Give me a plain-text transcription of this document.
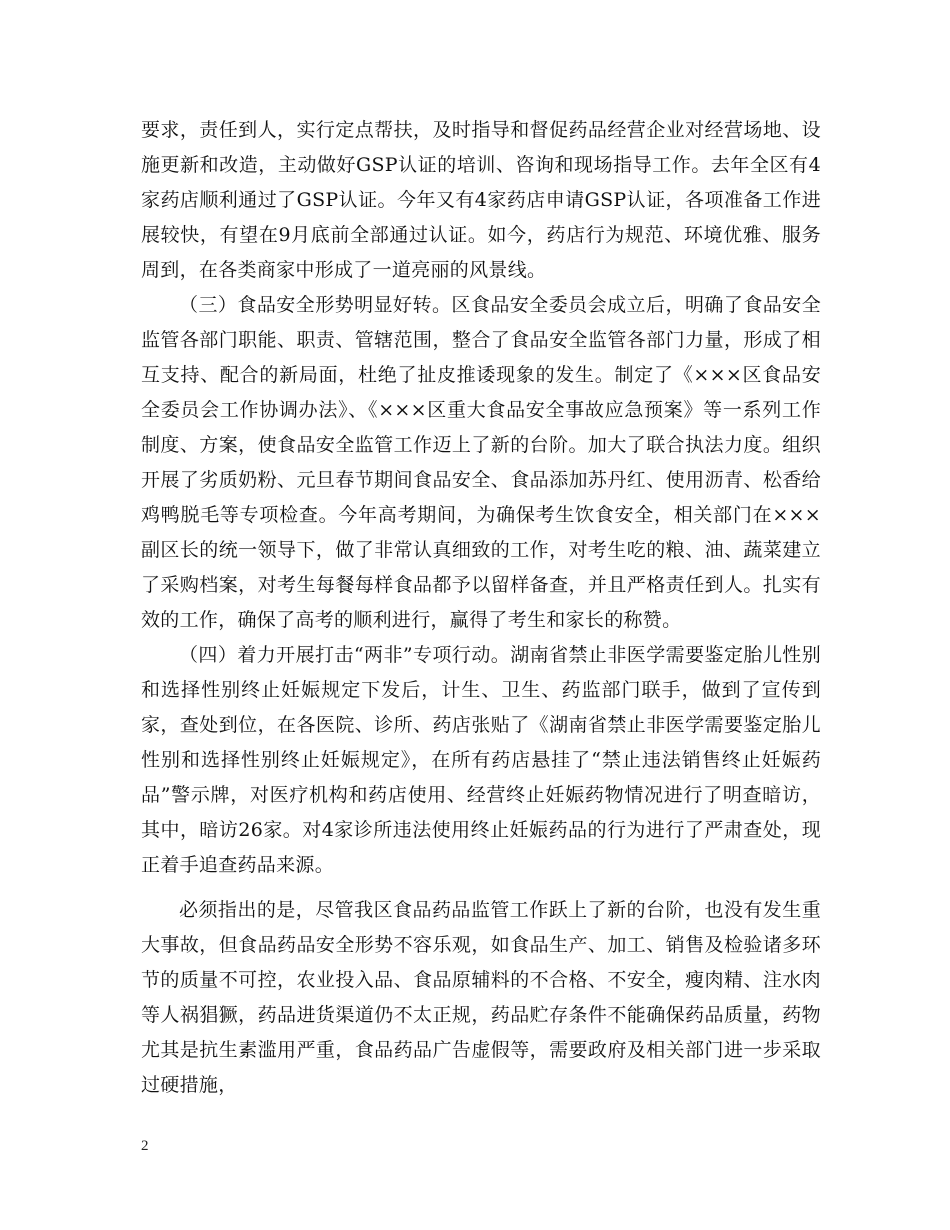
要求，责任到人，实行定点帮扶，及时指导和督促药品经营企业对经营场地、设施更新和改造，主动做好GSP认证的培训、咨询和现场指导工作。去年全区有4家药店顺利通过了GSP认证。今年又有4家药店申请GSP认证，各项准备工作进展较快，有望在9月底前全部通过认证。如今，药店行为规范、环境优雅、服务周到，在各类商家中形成了一道亮丽的风景线。

（三）食品安全形势明显好转。区食品安全委员会成立后，明确了食品安全监管各部门职能、职责、管辖范围，整合了食品安全监管各部门力量，形成了相互支持、配合的新局面，杜绝了扯皮推诿现象的发生。制定了《×××区食品安全委员会工作协调办法》、《×××区重大食品安全事故应急预案》等一系列工作制度、方案，使食品安全监管工作迈上了新的台阶。加大了联合执法力度。组织开展了劣质奶粉、元旦春节期间食品安全、食品添加苏丹红、使用沥青、松香给鸡鸭脱毛等专项检查。今年高考期间，为确保考生饮食安全，相关部门在×××副区长的统一领导下，做了非常认真细致的工作，对考生吃的粮、油、蔬菜建立了采购档案，对考生每餐每样食品都予以留样备查，并且严格责任到人。扎实有效的工作，确保了高考的顺利进行，赢得了考生和家长的称赞。

（四）着力开展打击“两非”专项行动。湖南省禁止非医学需要鉴定胎儿性别和选择性别终止妊娠规定下发后，计生、卫生、药监部门联手，做到了宣传到家，查处到位，在各医院、诊所、药店张贴了《湖南省禁止非医学需要鉴定胎儿性别和选择性别终止妊娠规定》，在所有药店悬挂了“禁止违法销售终止妊娠药品”警示牌，对医疗机构和药店使用、经营终止妊娠药物情况进行了明查暗访，其中，暗访26家。对4家诊所违法使用终止妊娠药品的行为进行了严肃查处，现正着手追查药品来源。

必须指出的是，尽管我区食品药品监管工作跃上了新的台阶，也没有发生重大事故，但食品药品安全形势不容乐观，如食品生产、加工、销售及检验诸多环节的质量不可控，农业投入品、食品原辅料的不合格、不安全，瘦肉精、注水肉等人祸猖獗，药品进货渠道仍不太正规，药品贮存条件不能确保药品质量，药物尤其是抗生素滥用严重，食品药品广告虚假等，需要政府及相关部门进一步采取过硬措施，

2
